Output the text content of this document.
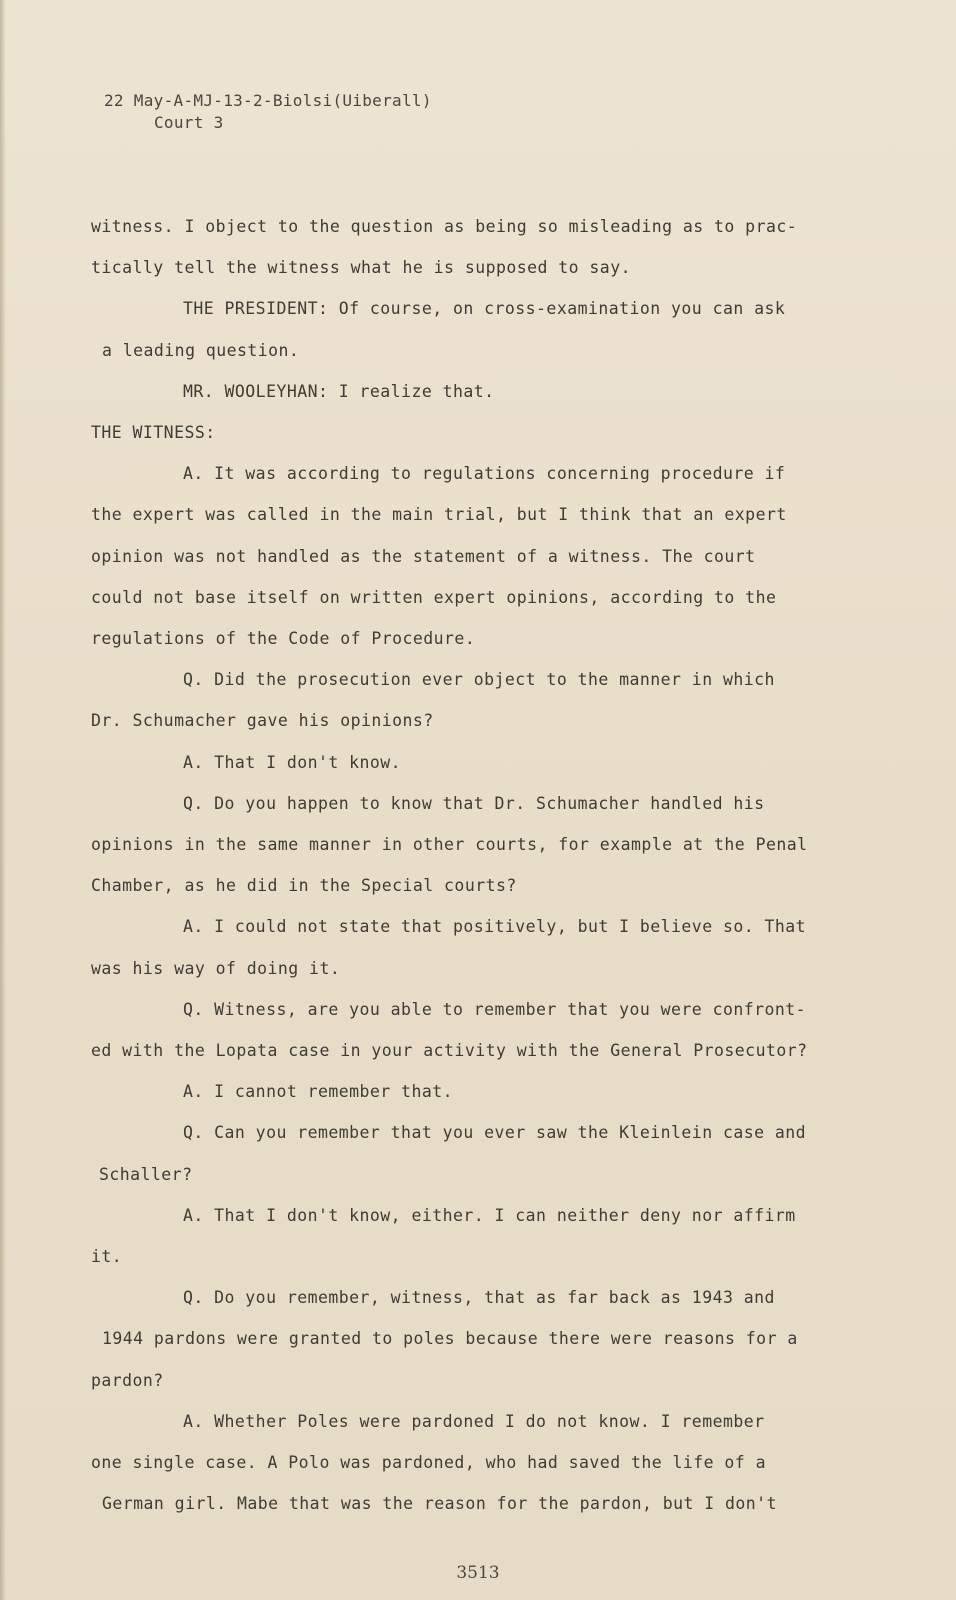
22 May-A-MJ-13-2-Biolsi(Uiberall)
Court 3
witness. I object to the question as being so misleading as to prac-
tically tell the witness what he is supposed to say.
THE PRESIDENT: Of course, on cross-examination you can ask
a leading question.
MR. WOOLEYHAN: I realize that.
THE WITNESS:
A. It was according to regulations concerning procedure if
the expert was called in the main trial, but I think that an expert
opinion was not handled as the statement of a witness. The court
could not base itself on written expert opinions, according to the
regulations of the Code of Procedure.
Q. Did the prosecution ever object to the manner in which
Dr. Schumacher gave his opinions?
A. That I don't know.
Q. Do you happen to know that Dr. Schumacher handled his
opinions in the same manner in other courts, for example at the Penal
Chamber, as he did in the Special courts?
A. I could not state that positively, but I believe so. That
was his way of doing it.
Q. Witness, are you able to remember that you were confront-
ed with the Lopata case in your activity with the General Prosecutor?
A. I cannot remember that.
Q. Can you remember that you ever saw the Kleinlein case and
Schaller?
A. That I don't know, either. I can neither deny nor affirm
it.
Q. Do you remember, witness, that as far back as 1943 and
1944 pardons were granted to poles because there were reasons for a
pardon?
A. Whether Poles were pardoned I do not know. I remember
one single case. A Polo was pardoned, who had saved the life of a
German girl. Mabe that was the reason for the pardon, but I don't
3513
